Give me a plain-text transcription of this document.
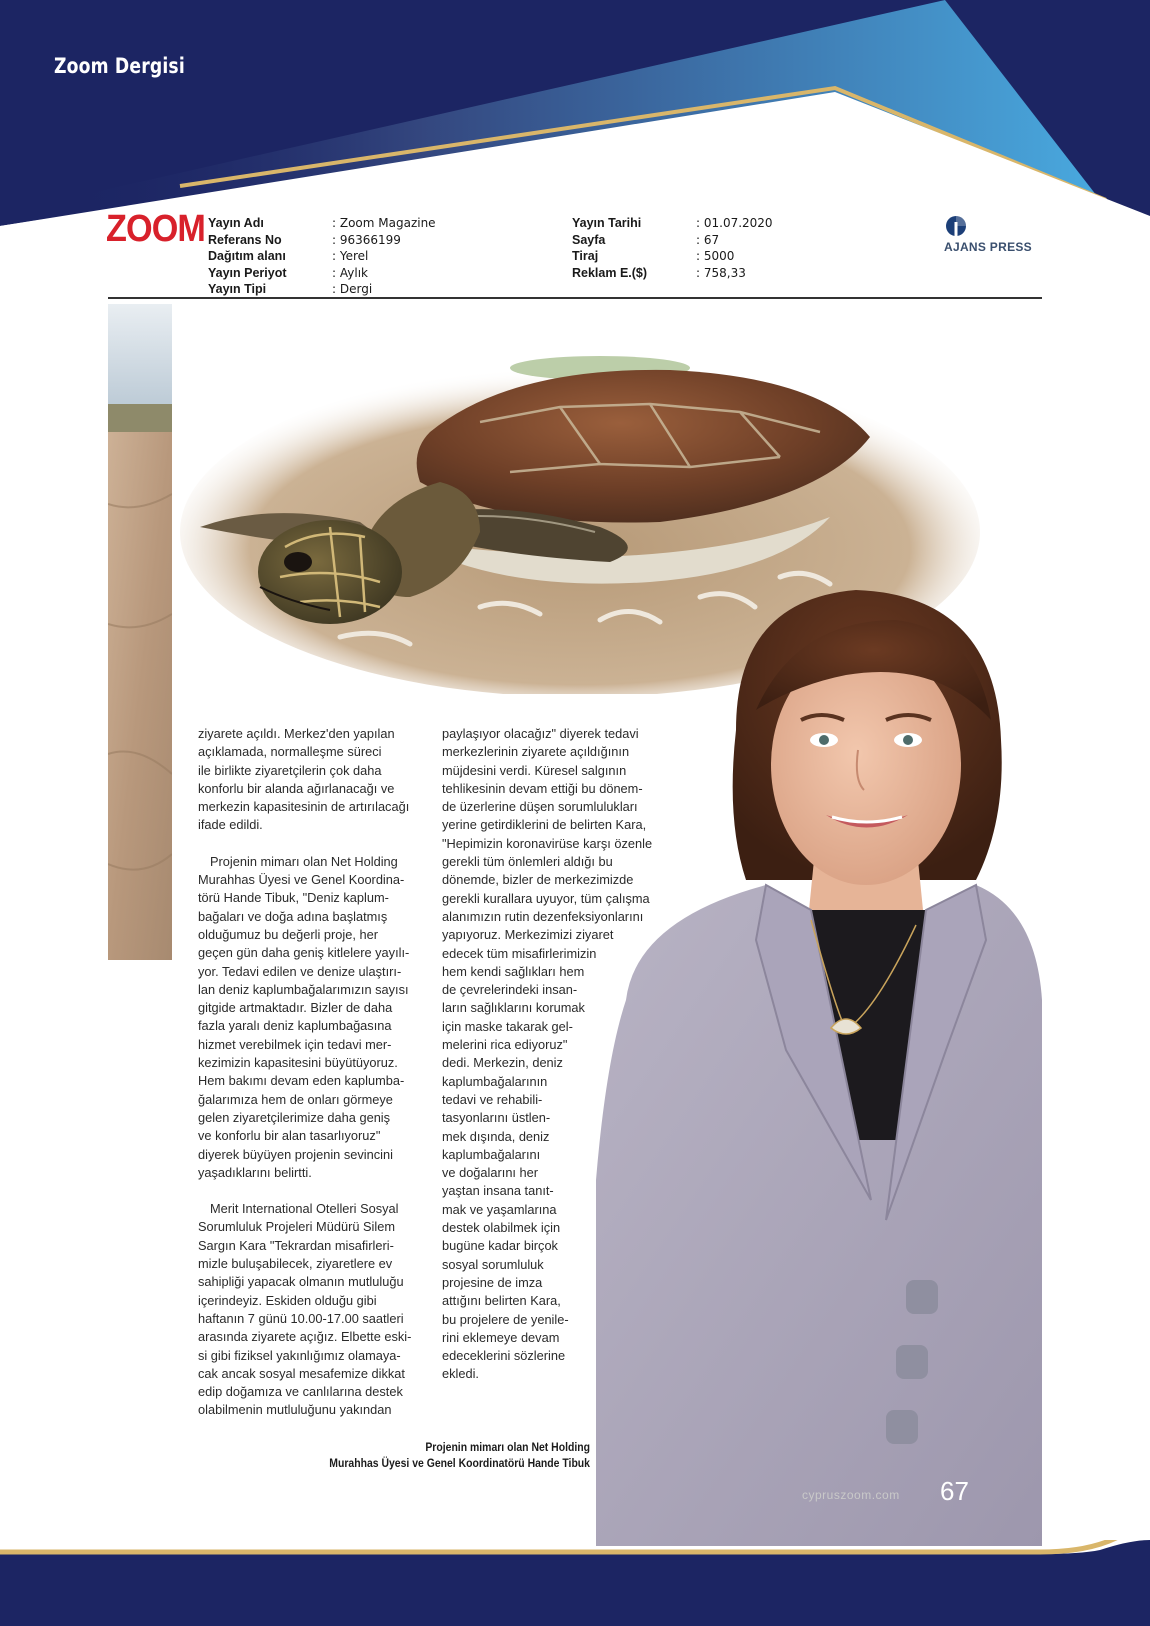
Zoom Dergisi
ZOOM Yayın Adı
Referans No
Dağıtım alanı
Yayın Periyot
Yayın Tipi
: Zoom Magazine
: 96366199
: Yerel
: Aylık
: Dergi
Yayın Tarihi
Sayfa
Tiraj
Reklam E.($)
: 01.07.2020
: 67
: 5000
: 758,33
AJANS PRESS

ziyarete açıldı. Merkez'den yapılan

açıklamada, normalleşme süreci

ile birlikte ziyaretçilerin çok daha

konforlu bir alanda ağırlanacağı ve

merkezin kapasitesinin de artırılacağı

ifade edildi.

Projenin mimarı olan Net Holding

Murahhas Üyesi ve Genel Koordina-

törü Hande Tibuk, "Deniz kaplum-

bağaları ve doğa adına başlatmış

olduğumuz bu değerli proje, her

geçen gün daha geniş kitlelere yayılı-

yor. Tedavi edilen ve denize ulaştırı-

lan deniz kaplumbağalarımızın sayısı

gitgide artmaktadır. Bizler de daha

fazla yaralı deniz kaplumbağasına

hizmet verebilmek için tedavi mer-

kezimizin kapasitesini büyütüyoruz.

Hem bakımı devam eden kaplumba-

ğalarımıza hem de onları görmeye

gelen ziyaretçilerimize daha geniş

ve konforlu bir alan tasarlıyoruz"

diyerek büyüyen projenin sevincini

yaşadıklarını belirtti.

Merit International Otelleri Sosyal

Sorumluluk Projeleri Müdürü Silem

Sargın Kara "Tekrardan misafirleri-

mizle buluşabilecek, ziyaretlere ev

sahipliği yapacak olmanın mutluluğu

içerindeyiz. Eskiden olduğu gibi

haftanın 7 günü 10.00-17.00 saatleri

arasında ziyarete açığız. Elbette eski-

si gibi fiziksel yakınlığımız olamaya-

cak ancak sosyal mesafemize dikkat

edip doğamıza ve canlılarına destek

olabilmenin mutluluğunu yakından

paylaşıyor olacağız" diyerek tedavi

merkezlerinin ziyarete açıldığının

müjdesini verdi. Küresel salgının

tehlikesinin devam ettiği bu dönem-

de üzerlerine düşen sorumlulukları

yerine getirdiklerini de belirten Kara,

"Hepimizin koronavirüse karşı özenle

gerekli tüm önlemleri aldığı bu

dönemde, bizler de merkezimizde

gerekli kurallara uyuyor, tüm çalışma

alanımızın rutin dezenfeksiyonlarını

yapıyoruz. Merkezimizi ziyaret

edecek tüm misafirlerimizin

hem kendi sağlıkları hem

de çevrelerindeki insan-

ların sağlıklarını korumak

için maske takarak gel-

melerini rica ediyoruz"

dedi. Merkezin, deniz

kaplumbağalarının

tedavi ve rehabili-

tasyonlarını üstlen-

mek dışında, deniz

kaplumbağalarını

ve doğalarını her

yaştan insana tanıt-

mak ve yaşamlarına

destek olabilmek için

bugüne kadar birçok

sosyal sorumluluk

projesine de imza

attığını belirten Kara,

bu projelere de yenile-

rini eklemeye devam

edeceklerini sözlerine

ekledi.

Projenin mimarı olan Net Holding
Murahhas Üyesi ve Genel Koordinatörü Hande Tibuk
cypruszoom.com 67
